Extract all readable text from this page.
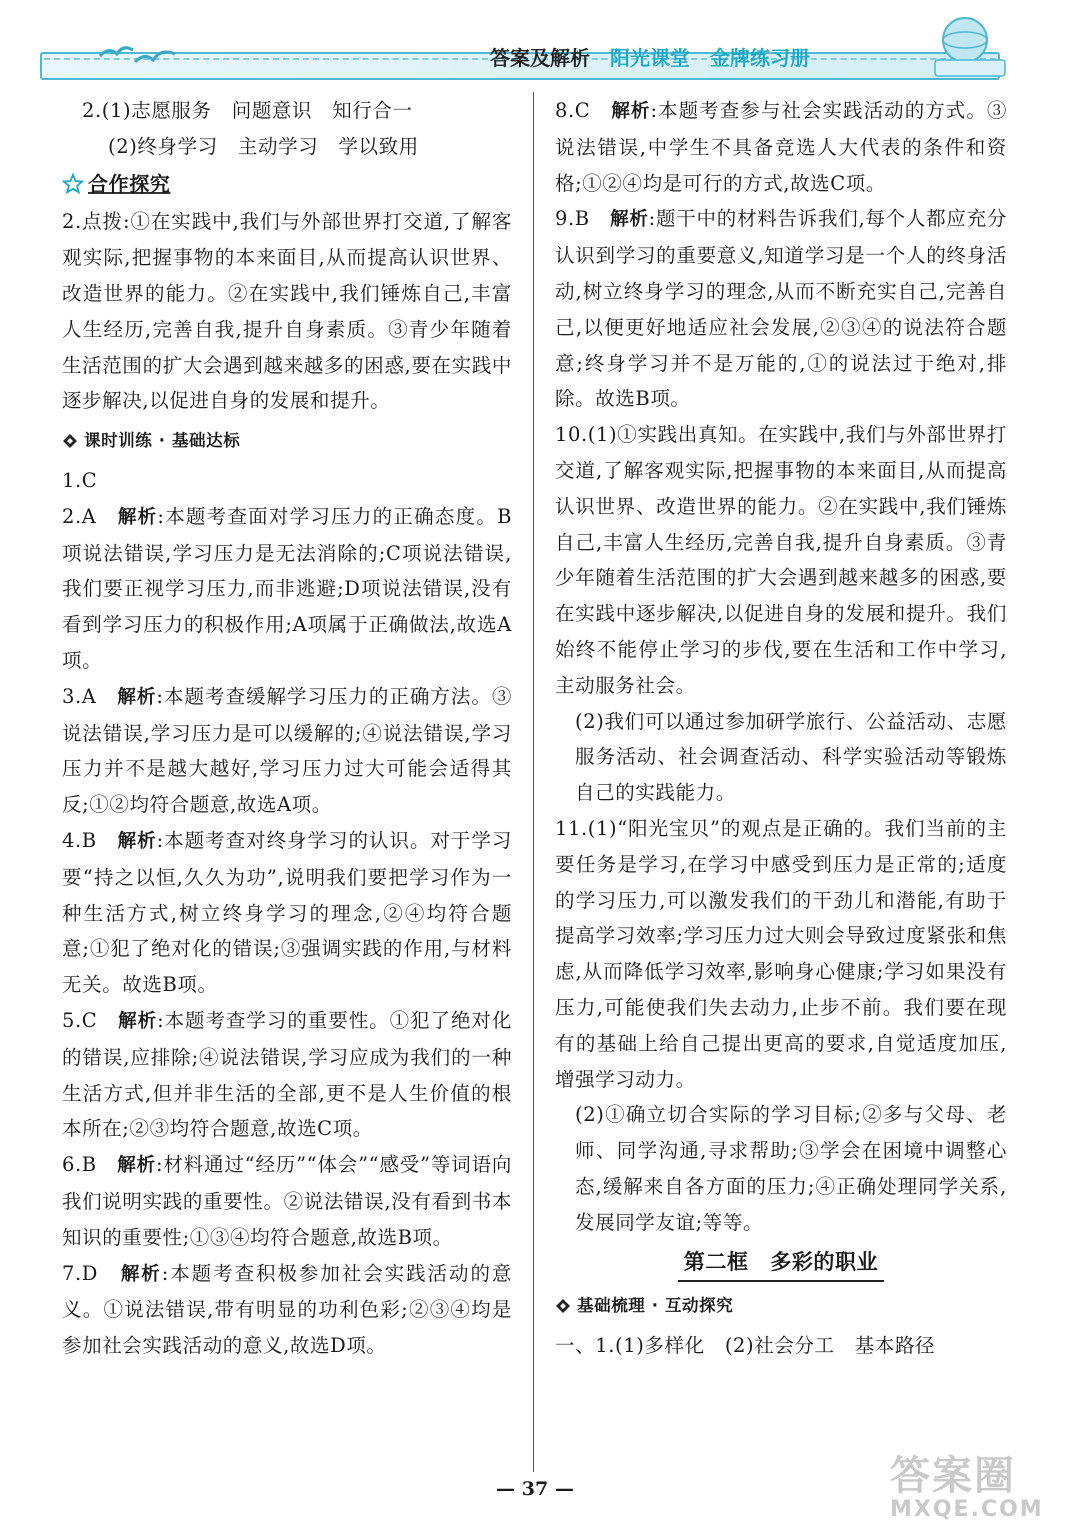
答案及解析 阳光课堂 金牌练习册

2.(1)志愿服务　问题意识　知行合一

(2)终身学习　主动学习　学以致用

合作探究

2.点拨:①在实践中,我们与外部世界打交道,了解客观实际,把握事物的本来面目,从而提高认识世界、改造世界的能力。②在实践中,我们锤炼自己,丰富人生经历,完善自我,提升自身素质。③青少年随着生活范围的扩大会遇到越来越多的困惑,要在实践中逐步解决,以促进自身的发展和提升。

课时训练 · 基础达标

1.C

2.A　解析:本题考查面对学习压力的正确态度。B项说法错误,学习压力是无法消除的;C项说法错误,我们要正视学习压力,而非逃避;D项说法错误,没有看到学习压力的积极作用;A项属于正确做法,故选A项。

3.A　解析:本题考查缓解学习压力的正确方法。③说法错误,学习压力是可以缓解的;④说法错误,学习压力并不是越大越好,学习压力过大可能会适得其反;①②均符合题意,故选A项。

4.B　解析:本题考查对终身学习的认识。对于学习要“持之以恒,久久为功”,说明我们要把学习作为一种生活方式,树立终身学习的理念,②④均符合题意;①犯了绝对化的错误;③强调实践的作用,与材料无关。故选B项。

5.C　解析:本题考查学习的重要性。①犯了绝对化的错误,应排除;④说法错误,学习应成为我们的一种生活方式,但并非生活的全部,更不是人生价值的根本所在;②③均符合题意,故选C项。

6.B　解析:材料通过“经历”“体会”“感受”等词语向我们说明实践的重要性。②说法错误,没有看到书本知识的重要性;①③④均符合题意,故选B项。

7.D　解析:本题考查积极参加社会实践活动的意义。①说法错误,带有明显的功利色彩;②③④均是参加社会实践活动的意义,故选D项。

8.C　解析:本题考查参与社会实践活动的方式。③说法错误,中学生不具备竞选人大代表的条件和资格;①②④均是可行的方式,故选C项。

9.B　解析:题干中的材料告诉我们,每个人都应充分认识到学习的重要意义,知道学习是一个人的终身活动,树立终身学习的理念,从而不断充实自己,完善自己,以便更好地适应社会发展,②③④的说法符合题意;终身学习并不是万能的,①的说法过于绝对,排除。故选B项。

10.(1)①实践出真知。在实践中,我们与外部世界打交道,了解客观实际,把握事物的本来面目,从而提高认识世界、改造世界的能力。②在实践中,我们锤炼自己,丰富人生经历,完善自我,提升自身素质。③青少年随着生活范围的扩大会遇到越来越多的困惑,要在实践中逐步解决,以促进自身的发展和提升。我们始终不能停止学习的步伐,要在生活和工作中学习,主动服务社会。

(2)我们可以通过参加研学旅行、公益活动、志愿服务活动、社会调查活动、科学实验活动等锻炼自己的实践能力。

11.(1)“阳光宝贝”的观点是正确的。我们当前的主要任务是学习,在学习中感受到压力是正常的;适度的学习压力,可以激发我们的干劲儿和潜能,有助于提高学习效率;学习压力过大则会导致过度紧张和焦虑,从而降低学习效率,影响身心健康;学习如果没有压力,可能使我们失去动力,止步不前。我们要在现有的基础上给自己提出更高的要求,自觉适度加压,增强学习动力。

(2)①确立切合实际的学习目标;②多与父母、老师、同学沟通,寻求帮助;③学会在困境中调整心态,缓解来自各方面的压力;④正确处理同学关系,发展同学友谊;等等。

第二框　多彩的职业
基础梳理 · 互动探究

一、1.(1)多样化　(2)社会分工　基本路径

— 37 —	答案圈
MXQE.COM
